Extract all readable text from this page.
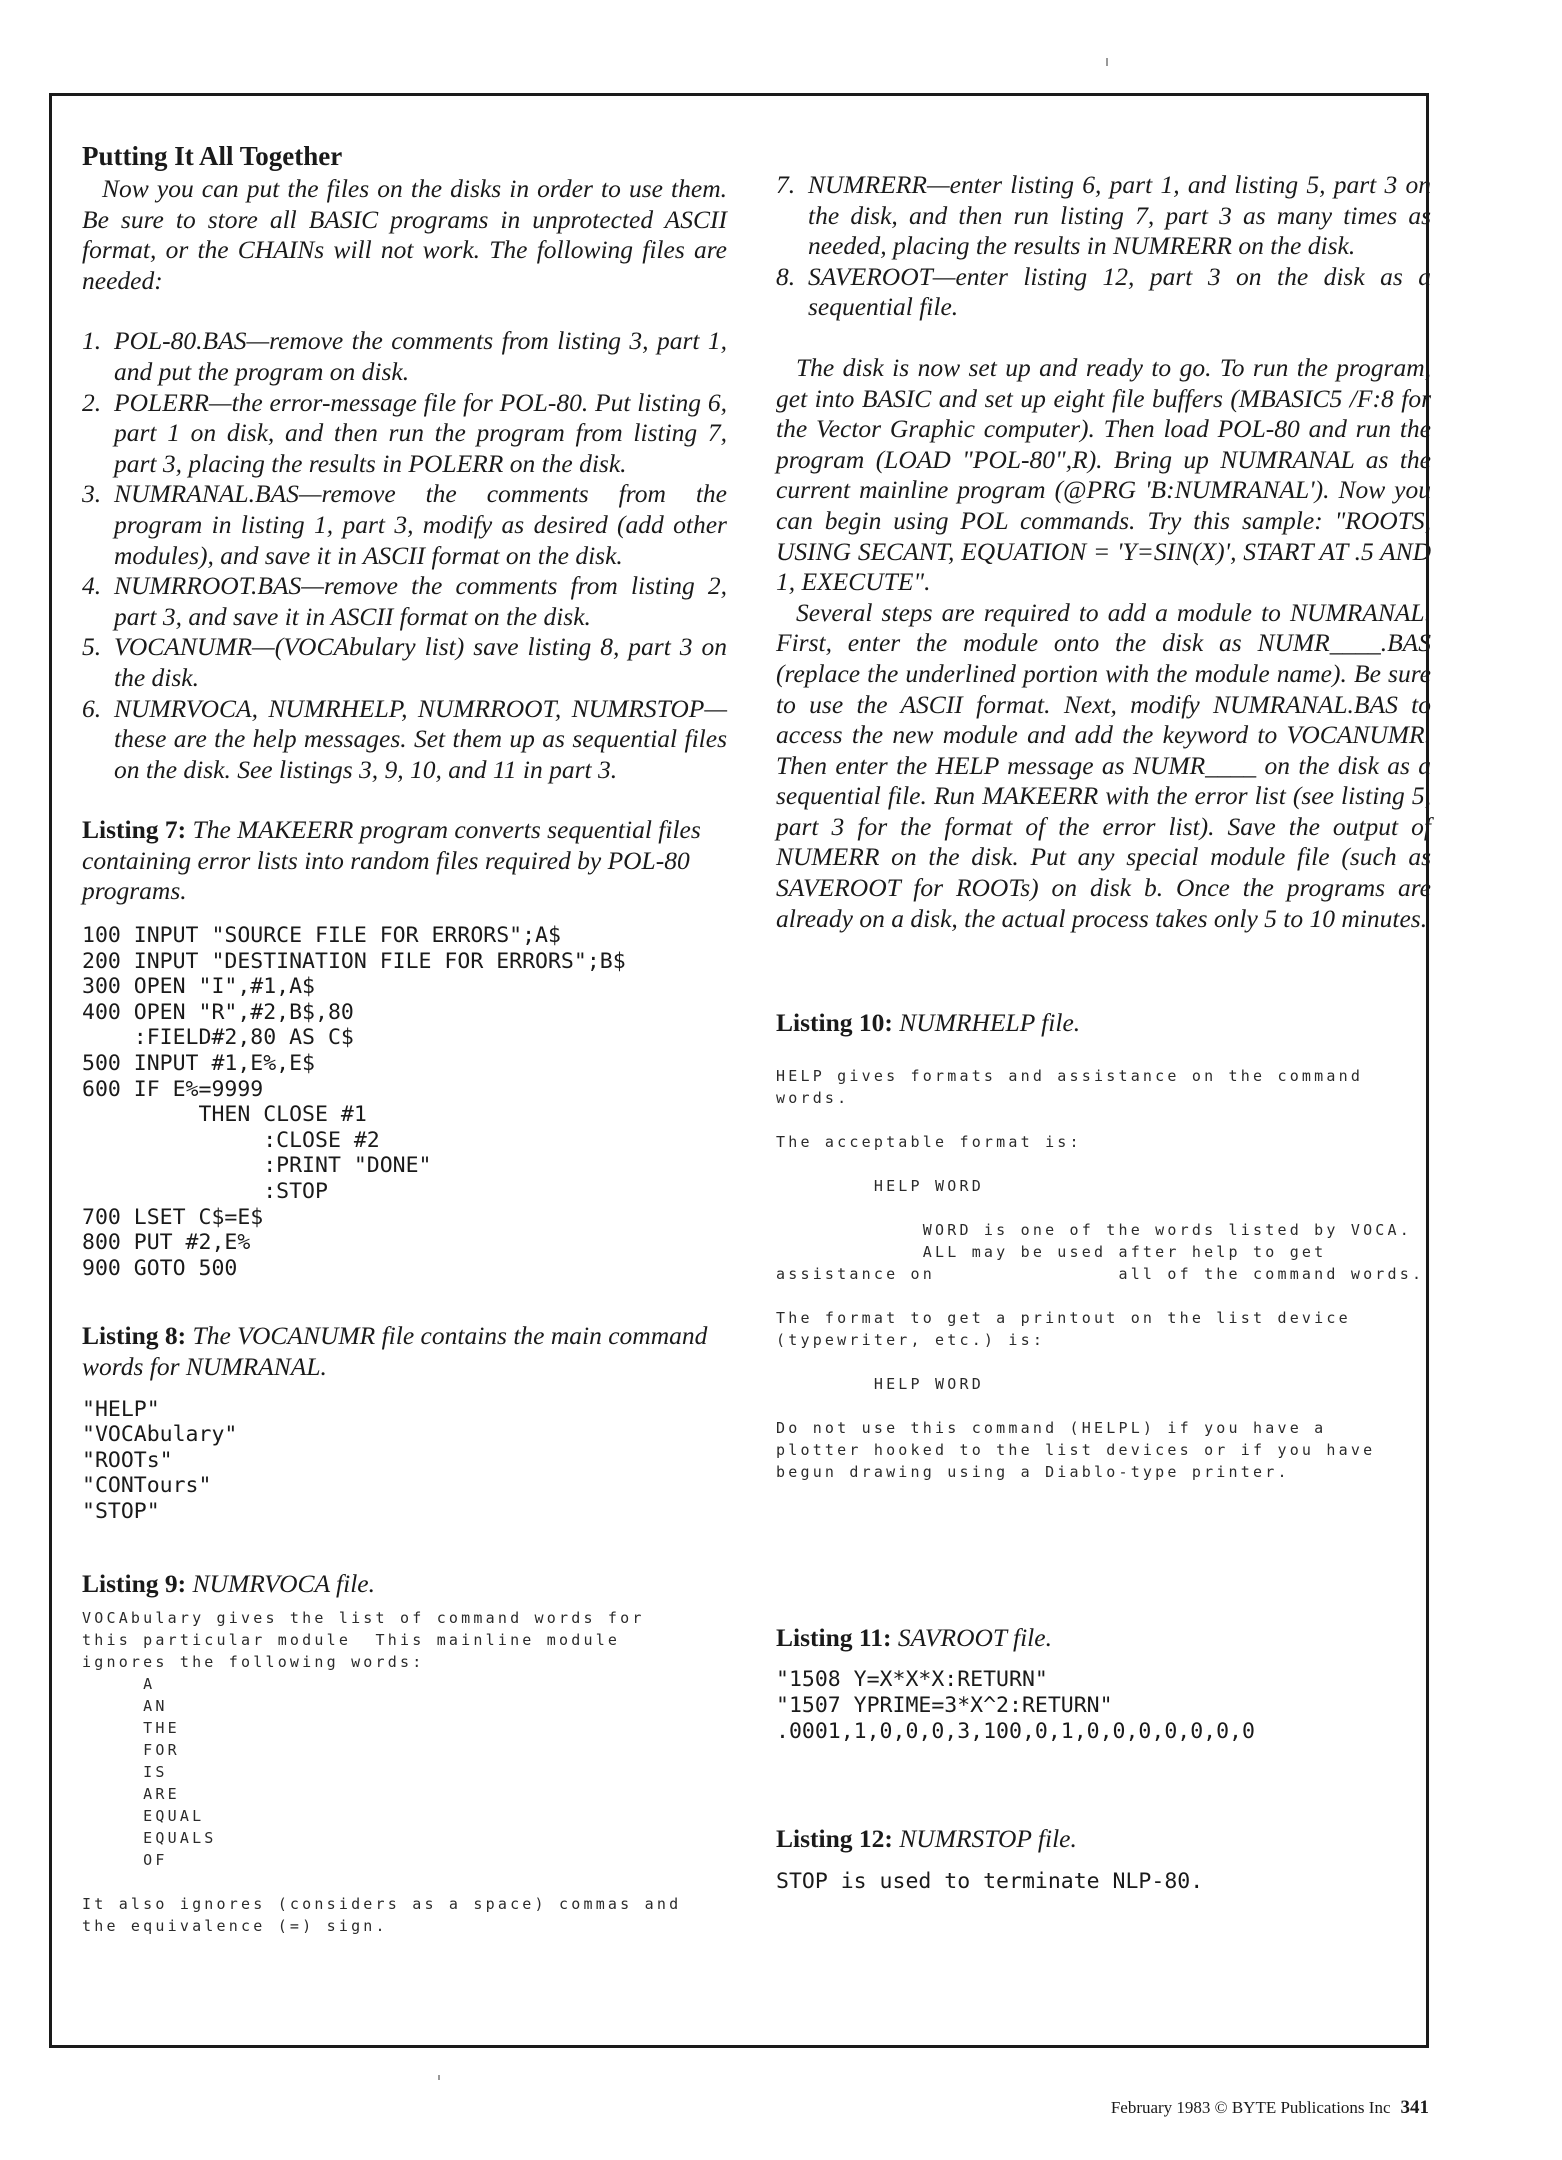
Putting It All Together

Now you can put the files on the disks in order to use them. Be sure to store all BASIC programs in unprotected ASCII format, or the CHAINs will not work. The following files are needed:

1. POL-80.BAS—remove the comments from listing 3, part 1, and put the program on disk.
2. POLERR—the error-message file for POL-80. Put listing 6, part 1 on disk, and then run the program from listing 7, part 3, placing the results in POLERR on the disk.
3. NUMRANAL.BAS—remove the comments from the program in listing 1, part 3, modify as desired (add other modules), and save it in ASCII format on the disk.
4. NUMRROOT.BAS—remove the comments from listing 2, part 3, and save it in ASCII format on the disk.
5. VOCANUMR—(VOCAbulary list) save listing 8, part 3 on the disk.
6. NUMRVOCA, NUMRHELP, NUMRROOT, NUMRSTOP—these are the help messages. Set them up as sequential files on the disk. See listings 3, 9, 10, and 11 in part 3.
Listing 7: The MAKEERR program converts sequential files containing error lists into random files required by POL-80 programs.
100 INPUT "SOURCE FILE FOR ERRORS";A$
200 INPUT "DESTINATION FILE FOR ERRORS";B$
300 OPEN "I",#1,A$
400 OPEN "R",#2,B$,80
:FIELD#2,80 AS C$
500 INPUT #1,E%,E$
600 IF E%=9999
THEN CLOSE #1
:CLOSE #2
:PRINT "DONE"
:STOP
700 LSET C$=E$
800 PUT #2,E%
900 GOTO 500
Listing 8: The VOCANUMR file contains the main command words for NUMRANAL.
"HELP"
"VOCAbulary"
"ROOTs"
"CONTours"
"STOP"
Listing 9: NUMRVOCA file.
VOCAbulary gives the list of command words for
this particular module  This mainline module
ignores the following words:
A
AN
THE
FOR
IS
ARE
EQUAL
EQUALS
OF

It also ignores (considers as a space) commas and
the equivalence (=) sign.
7. NUMRERR—enter listing 6, part 1, and listing 5, part 3 on the disk, and then run listing 7, part 3 as many times as needed, placing the results in NUMRERR on the disk.
8. SAVEROOT—enter listing 12, part 3 on the disk as a sequential file.

The disk is now set up and ready to go. To run the program, get into BASIC and set up eight file buffers (MBASIC5 /F:8 for the Vector Graphic computer). Then load POL-80 and run the program (LOAD "POL-80",R). Bring up NUMRANAL as the current mainline program (@PRG 'B:NUMRANAL'). Now you can begin using POL commands. Try this sample: "ROOTS, USING SECANT, EQUATION = 'Y=SIN(X)', START AT .5 AND 1, EXECUTE".

Several steps are required to add a module to NUMRANAL. First, enter the module onto the disk as NUMR____.BAS (replace the underlined portion with the module name). Be sure to use the ASCII format. Next, modify NUMRANAL.BAS to access the new module and add the keyword to VOCANUMR. Then enter the HELP message as NUMR____ on the disk as a sequential file. Run MAKEERR with the error list (see listing 5, part 3 for the format of the error list). Save the output of NUMERR on the disk. Put any special module file (such as SAVEROOT for ROOTs) on disk b. Once the programs are already on a disk, the actual process takes only 5 to 10 minutes.

Listing 10: NUMRHELP file.
HELP gives formats and assistance on the command
words.

The acceptable format is:

HELP WORD

WORD is one of the words listed by VOCA.
ALL may be used after help to get
assistance on               all of the command words.

The format to get a printout on the list device
(typewriter, etc.) is:

HELP WORD

Do not use this command (HELPL) if you have a
plotter hooked to the list devices or if you have
begun drawing using a Diablo-type printer.
Listing 11: SAVROOT file.
"1508 Y=X*X*X:RETURN"
"1507 YPRIME=3*X^2:RETURN"
.0001,1,0,0,0,3,100,0,1,0,0,0,0,0,0,0
Listing 12: NUMRSTOP file.
STOP is used to terminate NLP-80.
February 1983 © BYTE Publications Inc 341
